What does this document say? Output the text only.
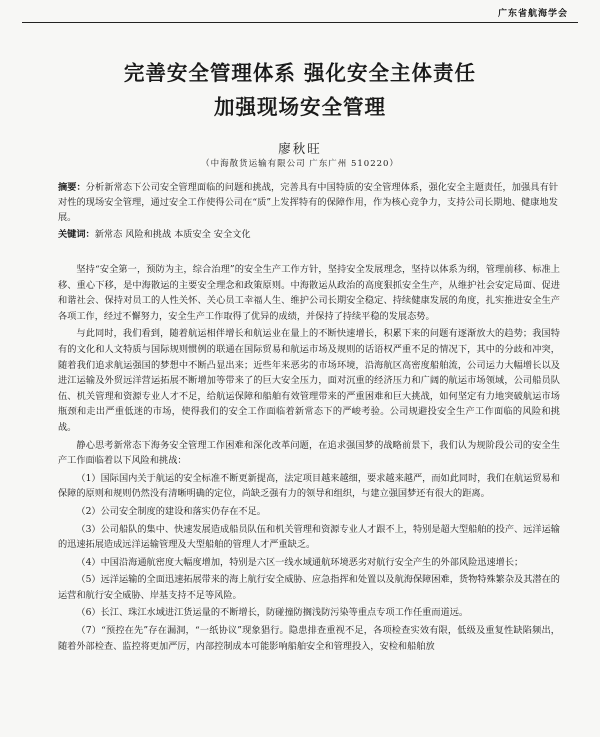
广东省航海学会
完善安全管理体系 强化安全主体责任
加强现场安全管理
廖秋旺
（中海散货运输有限公司 广东广州 510220）

摘要：分析新常态下公司安全管理面临的问题和挑战，完善具有中国特质的安全管理体系，强化安全主题责任，加强具有针对性的现场安全管理，通过安全工作使得公司在“质”上发挥特有的保障作用，作为核心竞争力，支持公司长期地、健康地发展。

关键词：新常态 风险和挑战 本质安全 安全文化

坚持“安全第一，预防为主，综合治理”的安全生产工作方针，坚持安全发展理念，坚持以体系为纲，管理前移、标准上移、重心下移，是中海散运的主要安全理念和政策原则。中海散运从政治的高度狠抓安全生产，从维护社会安定局面、促进和谐社会、保持对员工的人性关怀、关心员工幸福人生、维护公司长期安全稳定、持续健康发展的角度，扎实推进安全生产各项工作，经过不懈努力，安全生产工作取得了优异的成绩，并保持了持续平稳的发展态势。

与此同时，我们看到，随着航运相伴增长和航运业在量上的不断快速增长，积累下来的问题有逐渐放大的趋势；我国特有的文化和人文特质与国际规则惯例的联通在国际贸易和航运市场及规则的话语权严重不足的情况下，其中的分歧和冲突，随着我们追求航运强国的梦想中不断凸显出来；近些年来恶劣的市场环境，沿海航区高密度船舶流，公司运力大幅增长以及进江运输及外贸远洋营运拓展不断增加等带来了的巨大安全压力，面对沉重的经济压力和广阔的航运市场领域，公司船员队伍、机关管理和资源专业人才不足，给航运保障和船舶有效管理带来的严重困难和巨大挑战，如何坚定有力地突破航运市场瓶颈和走出严重低迷的市场，使得我们的安全工作面临着新常态下的严峻考验。公司规避投安全生产工作面临的风险和挑战。

静心思考新常态下海务安全管理工作困难和深化改革问题，在追求强国梦的战略前景下，我们认为规阶段公司的安全生产工作面临着以下风险和挑战：

（1）国际国内关于航运的安全标准不断更新提高，法定项目越来越细，要求越来越严，而如此同时，我们在航运贸易和保障的原则和规则仍然没有清晰明确的定位，尚缺乏强有力的领导和组织，与建立强国梦还有很大的距离。

（2）公司安全制度的建设和落实仍存在不足。

（3）公司船队的集中、快速发展造成船员队伍和机关管理和资源专业人才跟不上，特别是超大型船舶的投产、远洋运输的迅速拓展造成远洋运输管理及大型船舶的管理人才严重缺乏。

（4）中国沿海通航密度大幅度增加，特别是六区一线水域通航环境恶劣对航行安全产生的外部风险迅速增长；

（5）远洋运输的全面迅速拓展带来的海上航行安全威胁、应急指挥和处置以及航海保障困难，货物特殊繁杂及其潜在的运营和航行安全威胁、岸基支持不足等风险。

（6）长江、珠江水域进江货运量的不断增长，防碰撞防搁浅防污染等重点专项工作任重而道远。

（7）“预控在先”存在漏洞，“一纸协议”现象猖行。隐患排查重视不足，各项检查实效有限，低级及重复性缺陷频出，随着外部检查、监控将更加严厉，内部控制成本可能影响船舶安全和管理投入，安检和船舶放
